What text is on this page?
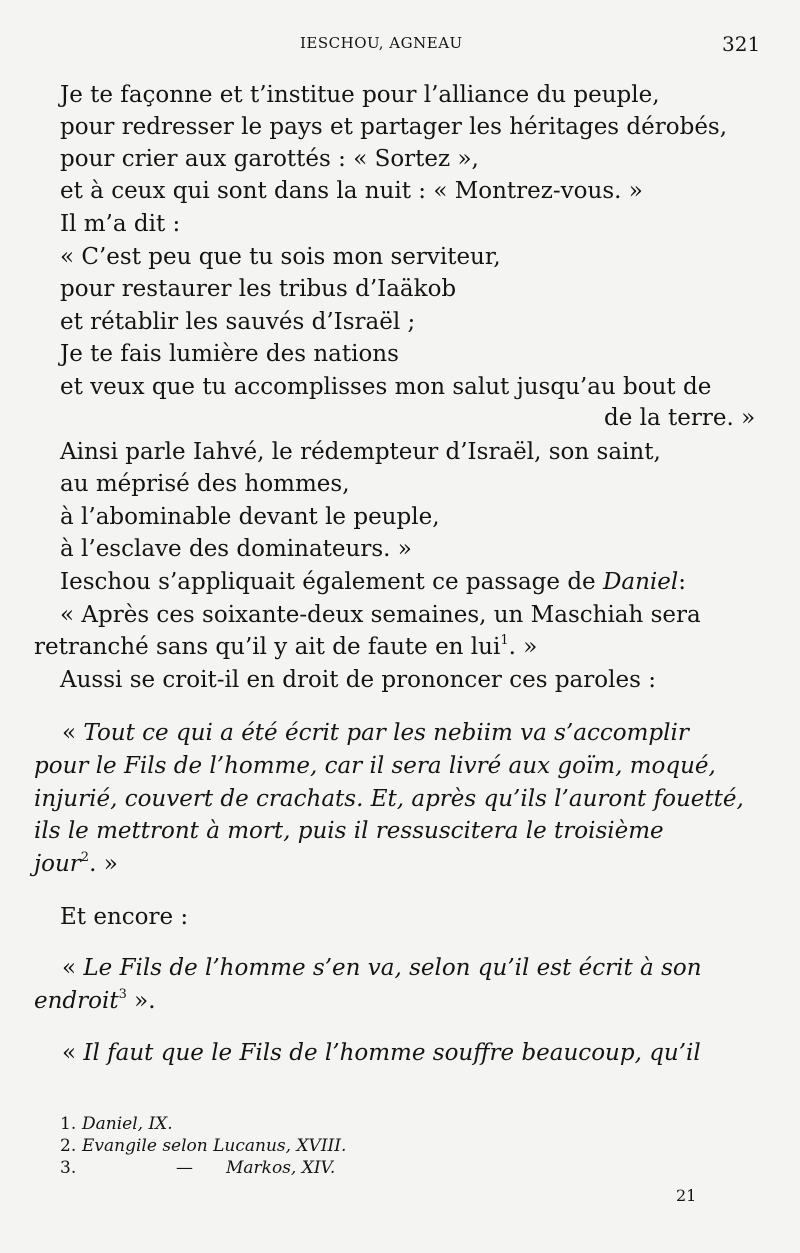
IESCHOU, AGNEAU	321
Je te façonne et t’institue pour l’alliance du peuple,
pour redresser le pays et partager les héritages dérobés,
pour crier aux garottés : « Sortez »,
et à ceux qui sont dans la nuit : « Montrez-vous. »
Il m’a dit :
« C’est peu que tu sois mon serviteur,
pour restaurer les tribus d’Iaäkob
et rétablir les sauvés d’Israël ;
Je te fais lumière des nations
et veux que tu accomplisses mon salut jusqu’au bout de
de la terre. »
Ainsi parle Iahvé, le rédempteur d’Israël, son saint,
au méprisé des hommes,
à l’abominable devant le peuple,
à l’esclave des dominateurs. »
Ieschou s’appliquait également ce passage de Daniel:
« Après ces soixante-deux semaines, un Maschiah sera
retranché sans qu’il y ait de faute en lui$^1$. »
Aussi se croit-il en droit de prononcer ces paroles :
« Tout ce qui a été écrit par les nebiim va s’accomplir
pour le Fils de l’homme, car il sera livré aux goïm, moqué,
injurié, couvert de crachats. Et, après qu’ils l’auront fouetté,
ils le mettront à mort, puis il ressuscitera le troisième
jour$^2$. »
Et encore :
« Le Fils de l’homme s’en va, selon qu’il est écrit à son
endroit$^3$ ».
« Il faut que le Fils de l’homme souffre beaucoup, qu’il
1. Daniel, IX.
2. Evangile selon Lucanus, XVIII.
3.	— Markos, XIV.
21
